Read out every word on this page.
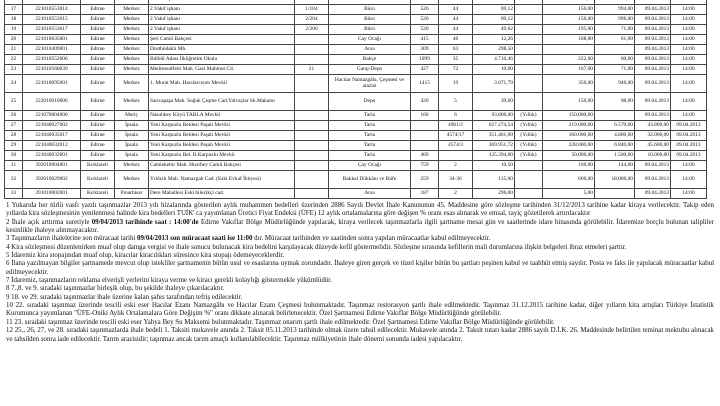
17	221010553014	Edirne	Merkez	2.Vakıf işhanı	1/104		Büro	526	44	69,12		150,00	994,00	09.04.2013	14:00
18	221010553015	Edirne	Merkez	2.Vakıf işhanı	2/204		Büro	526	44	69,12		150,00	996,00	09.04.2013	14:00
19	221010553017	Edirne	Merkez	2.Vakıf işhanı	2/206		Büro	526	44	49,62		195,00	71,00	09.04.2013	14:00
20	221010635001	Edirne	Merkez	Şeri Camii Bahçesi			Cay Ocağı	415	46	12,26		168,00	61,00	09.04.2013	14:00
21	221010409001	Edirne	Merkez	Dosthüdaklı Mh.			Arsa	309	63	298,50				09.04.2013	14:00
22	221010552006	Edirne	Merkez	Bülbül Adası İlköğretim Okulu			Bahçe	1099	35	4.716,46		222,00	60,00	09.04.2013	14:00
23	221010560039	Edirne	Merkez	Medreseaffeiti Mah. Gazi Mahmut Cd.	21		Garaj-Depo	427	72	10,00		167,00	71,00	09.04.2013	14:00
24	221010095001	Edirne	Merkez	1. Murat Mah. Hacılarcısım Mevkii			Hacılar Namazgâhı, Çeşmesi ve arazisi	1415	19	3.071,79		350,00	940,00	09.04.2013	14:00
25	222010010006	Edirne	Merkez	Sarıcapaşa Mah. Soğuk Çeşme Cad.Yalvaçlar Sk.Makamı			Depo	426	5	39,00		150,00	98,00	09.04.2013	14:00
26	221070004000	Edirne	Meriç	Nasuhbey Köyü TARLA Mevkii			Tarla	160	6	93.800,00	(Yıllık)	150.000,00		09.04.2013	14:00
27	221040027002	Edirne	İpsala	Yeni Karpuzlu Beldesi Paşalı Mevkii			Tarla		4961/2	627.274,54	(Yıllık)	219.000,00	6.570,00	43.800,00	09.04.2013
28	221040035017	Edirne	İpsala	Yeni Karpuzlu Beldesi Paşalı Mevkii			Tarla		4574/17	351.461,00	(Yıllık)	160.000,00	4.800,00	32.000,00	09.04.2013
29	221040032012	Edirne	İpsala	Yeni Karpuzlu Beldesi Paşalı Mevkii			Tarla		4574/3	369.951,72	(Yıllık)	228.000,00	6.840,00	45.600,00	09.04.2013
30	221040032001	Edirne	İpsala	Yeni Karpuzlu Bel. B.Karpuzlu Mevkii			Tarla	469		125.394,00	(Yıllık)	50.000,00	1.500,00	10.000,00	09.04.2013
31	392010004001	Kırklareli	Merkez	Camiekebir Mah. Hızırbey Camii Bahçesi			Çay Ocağı	759	2	10,50		160,00	144,00	09.04.2013	14:00
32	392010029002	Kırklareli	Merkez	Yıldızlı Mah. Namazgah Cad. (Eski Evkaf İhtiyesi)			Bakkal Dükkânı ve Büfe	259	34-36	135,00		600,00	18.000,00	09.04.2013	14:00
33	391010002001	Kırklareli	Pınarhisar	Dere Mahallesi Eski bilezikçi cad.			Arsa	187	2	296,00		5,00		09.04.2013	14:00

1 Yukarıda her türlü vasfı yazılı taşınmazlar 2013 yılı hizalarında gösterilen aylık muhammen bedelleri üzerinden 2886 Sayılı Devlet İhale Kanununun 45. Maddesine göre sözleşme tarihinden 31/12/2013 tarihine kadar kiraya verilecektir. Takip eden yıllarda kira sözleşmesinin yenilenmesi halinde kira bedelleri TUİK' ca yayımlanan Üretici Fiyat Endeksi (ÜFE) 12 aylık ortalamalarına göre değişen % oranı esas alınarak ve emsal, rayiç gözetilerek artırılacaktır

2 İhale açık arttırma suretiyle 09/04/2013 tarihinde saat : 14:00'de Edirne Vakıflar Bölge Müdürlüğünde yapılacak, kiraya verilecek taşınmazlarla ilgili şartname mesai gün ve saatlerinde idare binasında görülebilir. İdaremize borçlu bulunan talipliler kesinlikle ihaleye alınmayacaktır.

3 Taşınmazların ihalelerine son müracaat tarihi 09/04/2013 son müracaat saati ise 11:00 dır. Müracaat tarihinden ve saatinden sonra yapılan müracaatlar kabul edilmeyecektir.

4 Kira sözleşmesi düzenlenirken muaf olup damga vergisi ve ihale sonucu bulunacak kira bedelini karşılayacak düzeyde kefil göstermelidir. Sözleşme sırasında kefillerin mali durumlarına ilişkin belgeleri ibraz etmeleri şarttır.

5 İdaremiz kira stopajından muaf olup, kiracılar kiracılıkları süresince kira stopajı ödemeyeceklerdir.

6 İlana yazılmayan bilgiler şartnamede mevcut olup istekliler şartnamenin bütün usul ve esaslarına uymak zorundadır. İhaleye giren gerçek ve tüzel kişiler bütün bu şartları peşinen kabul ve taahhüt etmiş sayılır. Posta ve faks ile yapılacak müracaatlar kabul edilmeyecektir.

7 İdaremiz, taşınmazların reklama elverişli yerlerini kiraya verme ve kiracı gerekli kolaylığı göstermekle yükümlüdür.

8 7.,8. ve 9. sıradaki taşınmazlar birleşik olup, bu şekilde ihaleye çıkarılacaktır.

9 18. ve 29. sıradaki taşınmazlar ihale üzerine kalan şahıs tarafından tefriş edilecektir.

10 22. sıradaki taşınmaz üzerinde tescili eski eser Hacılar Ezanı Namazgâhı ve Hacılar Ezanı Çeşmesi bulunmaktadır. Taşınmaz restorasyon şartlı ihale edilmektedir. Taşınmaz 31.12.2015 tarihine kadar, diğer yılların kira artışları Türkiye İstatistik Kurumunca yayımlanan "ÜFE-Oniki Aylık Ortalamalara Göre Değişim %" oranı dikkate alınarak belirlenecektir. Özel Şartnamesi Edirne Vakıflar Bölge Müdürlüğünde görülebilir.

11 23. sıradaki taşınmaz üzerinde tescili eski eser Yahya Bey Su Maksemi bulunmaktadır. Taşınmaz onarım şartlı ihale edilmektedir. Özel Şartnamesi Edirne Vakıflar Bölge Müdürlüğünde görülebilir.

12 25., 26, 27, ve 28. sıradaki taşınmazlarda ihale bedeli 1. Taksiti mukavele anında 2. Taksit 05.11.2013 tarihinde olmak üzere tahsil edilecektir. Mukavele anında 2. Taksit tutarı kadar 2886 sayılı D.İ.K. 26. Maddesinde belirtilen teminat mektubu alınacak ve tahsilden sonra iade edilecektir. Tarım arazisidir; taşınmaz ancak tarım amaçlı kullanılabilecektir. Taşınmaz mülkiyetinin ihale dönemi sonunda iadesi yapılacaktır.
